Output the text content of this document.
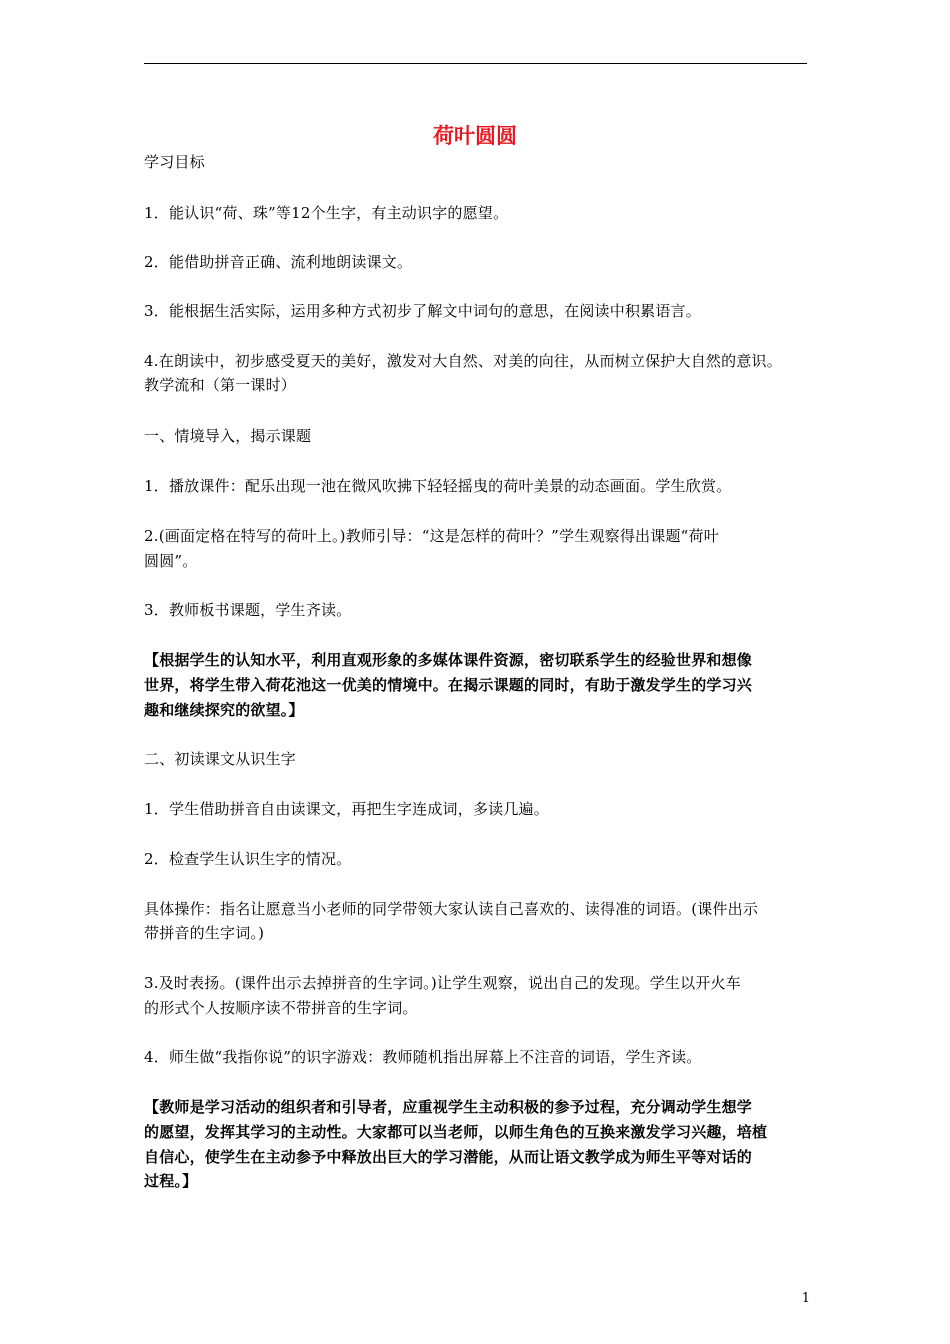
荷叶圆圆
学习目标
1．能认识“荷、珠”等12个生字，有主动识字的愿望。
2．能借助拼音正确、流利地朗读课文。
3．能根据生活实际，运用多种方式初步了解文中词句的意思，在阅读中积累语言。
4.在朗读中，初步感受夏天的美好，激发对大自然、对美的向往，从而树立保护大自然的意识。
教学流和（第一课时）
一、情境导入，揭示课题
1．播放课件：配乐出现一池在微风吹拂下轻轻摇曳的荷叶美景的动态画面。学生欣赏。
2.(画面定格在特写的荷叶上。)教师引导：“这是怎样的荷叶？”学生观察得出课题“荷叶
圆圆”。
3．教师板书课题，学生齐读。
【根据学生的认知水平，利用直观形象的多媒体课件资源，密切联系学生的经验世界和想像
世界，将学生带入荷花池这一优美的情境中。在揭示课题的同时，有助于激发学生的学习兴
趣和继续探究的欲望。】
二、初读课文从识生字
1．学生借助拼音自由读课文，再把生字连成词，多读几遍。
2．检查学生认识生字的情况。
具体操作：指名让愿意当小老师的同学带领大家认读自己喜欢的、读得准的词语。(课件出示
带拼音的生字词。)
3.及时表扬。(课件出示去掉拼音的生字词。)让学生观察，说出自己的发现。学生以开火车
的形式个人按顺序读不带拼音的生字词。
4．师生做“我指你说”的识字游戏：教师随机指出屏幕上不注音的词语，学生齐读。
【教师是学习活动的组织者和引导者，应重视学生主动积极的参予过程，充分调动学生想学
的愿望，发挥其学习的主动性。大家都可以当老师，以师生角色的互换来激发学习兴趣，培植
自信心，使学生在主动参予中释放出巨大的学习潜能，从而让语文教学成为师生平等对话的
过程。】
1
